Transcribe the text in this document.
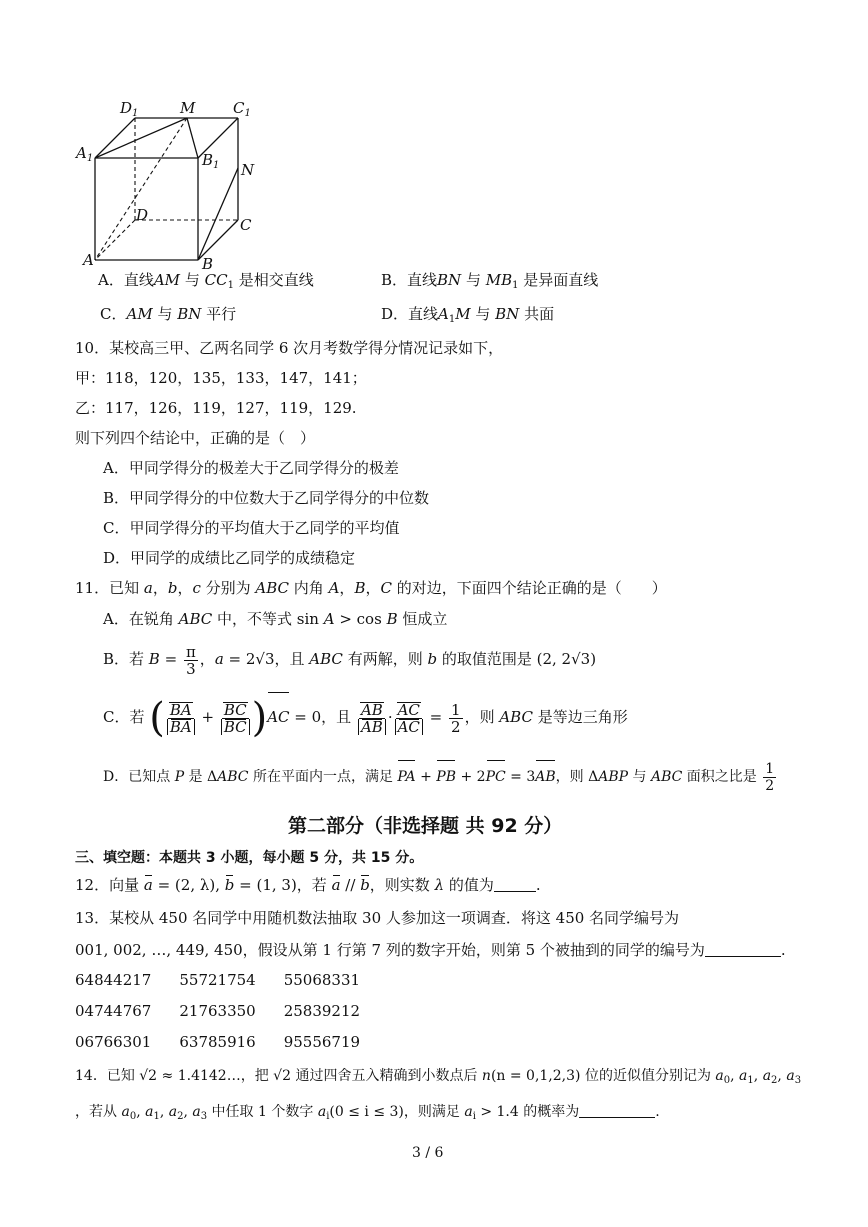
$D_1$	M	$C_1$
$A_1$	$B_1$ N
D
C
A	B
A．直线AM 与 $CC_1$ 是相交直线	B．直线BN 与 $MB_1$ 是异面直线
C．AM 与 BN 平行	D．直线$A_1M$ 与 BN 共面
10．某校高三甲、乙两名同学 6 次月考数学得分情况记录如下，
甲：118，120，135，133，147，141；
乙：117，126，119，127，119，129.
则下列四个结论中，正确的是（　）
A．甲同学得分的极差大于乙同学得分的极差
B．甲同学得分的中位数大于乙同学得分的中位数
C．甲同学得分的平均值大于乙同学的平均值
D．甲同学的成绩比乙同学的成绩稳定
11．已知 a，b，c 分别为 ABC 内角 A，B，C 的对边，下面四个结论正确的是（　　）
A．在锐角 ABC 中，不等式 sin A > cos B 恒成立
B．若 $B = \frac{\pi}{3}$ ，a = 2√3，且 ABC 有两解，则 b 的取值范围是 (2, 2√3)
C．若 ( $\frac{BA}{BA} + \frac{BC}{BC} )AC = 0$，且 $\frac{AB}{AB} \cdot \frac{AC}{AC} = \frac{1}{2}$ ，则 ABC 是等边三角形
D．已知点 P 是 ΔABC 所在平面内一点，满足 PA + PB + 2PC = 3AB，则 ΔABP 与 ABC 面积之比是 $\frac{1}{2}$
第二部分（非选择题 共 92 分）
三、填空题：本题共 3 小题，每小题 5 分，共 15 分。
12．向量 a = (2, λ), b = (1, 3)，若 a // b，则实数 λ 的值为	.
13．某校从 450 名同学中用随机数法抽取 30 人参加这一项调查．将这 450 名同学编号为
001, 002, …, 449, 450，假设从第 1 行第 7 列的数字开始，则第 5 个被抽到的同学的编号为	.
64844217 55721754 55068331
04744767 21763350 25839212
06766301 63785916 95556719
14．已知 √2 ≈ 1.4142…，把 √2 通过四舍五入精确到小数点后 n(n = 0,1,2,3) 位的近似值分别记为 $a_0$, $a_1$, $a_2$, $a_3$
，若从 $a_0$, $a_1$, $a_2$, $a_3$ 中任取 1 个数字 $a_i(0 \le i \le 3)$，则满足 $a_i > 1.4$ 的概率为	.
3 / 6
